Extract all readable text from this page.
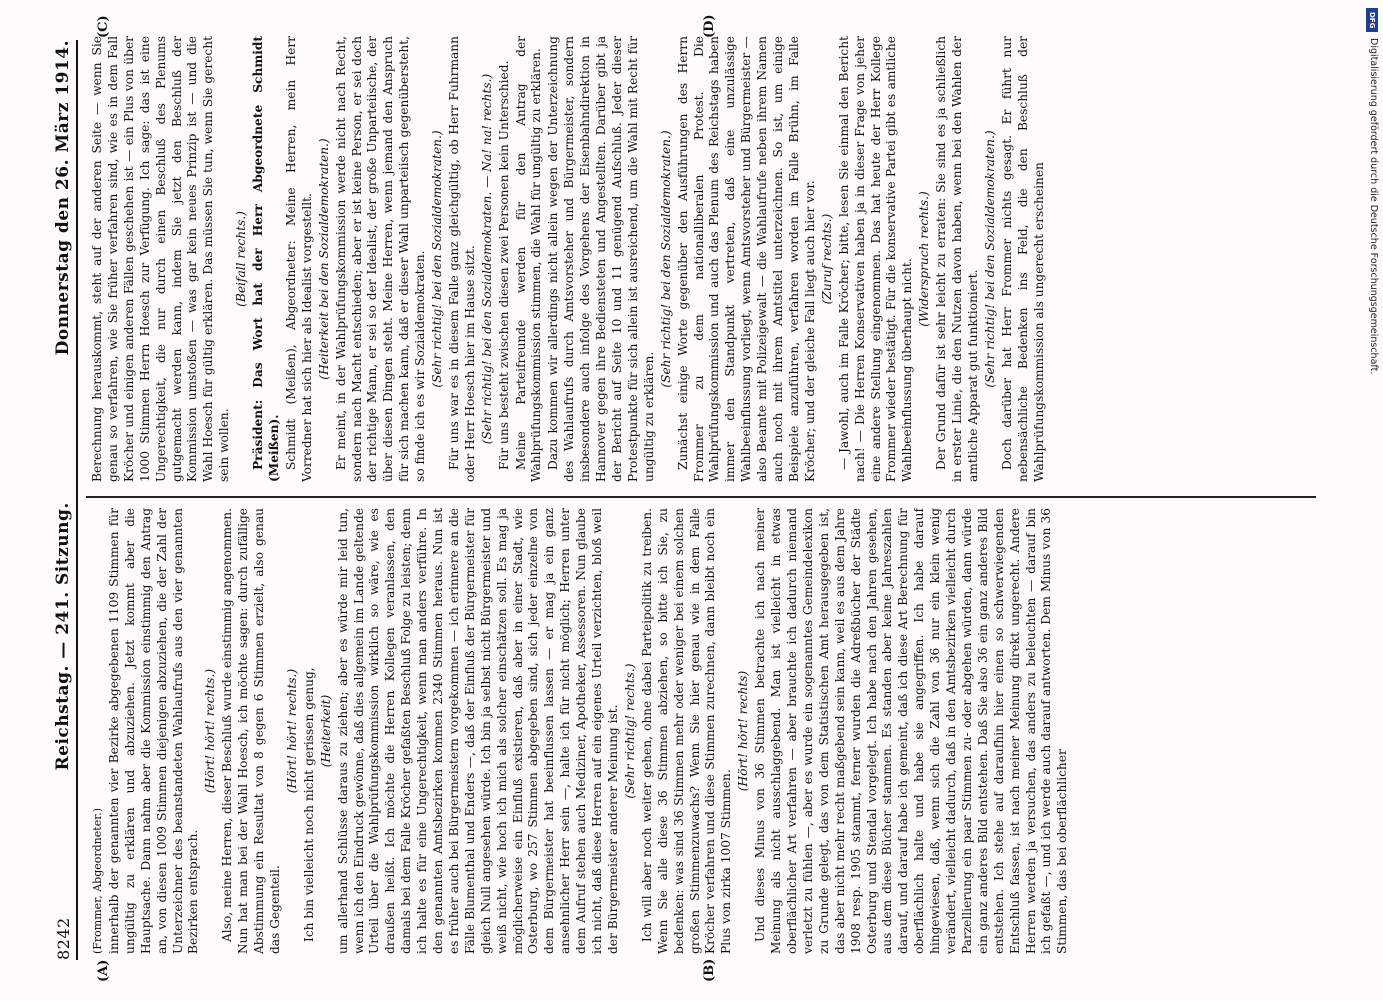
8242
Reichstag. — 241. Sitzung.
Donnerstag den 26. März 1914.
(A)	(B)
(C)	(D)

(Frommer, Abgeordneter.) innerhalb der genannten vier Bezirke abgegebenen 1109 Stimmen für ungültig zu erklären und abzuziehen. Jetzt kommt aber die Hauptsache. Dann nahm aber die Kommission einstimmig den Antrag an, von diesen 1009 Stimmen diejenigen abzuziehen, die der Zahl der Unterzeichner des beanstandeten Wahlaufrufs aus den vier genannten Bezirken entsprach.

(Hört! hört! rechts.) Also, meine Herren, dieser Beschluß wurde einstimmig angenommen. Nun hat man bei der Wahl Hoesch, ich möchte sagen: durch zufällige Abstimmung ein Resultat von 8 gegen 6 Stimmen erzielt, also genau das Gegenteil.

(Hört! hört! rechts.) Ich bin vielleicht noch nicht gerissen genug, (Heiterkeit) um allerhand Schlüsse daraus zu ziehen; aber es würde mir leid tun, wenn ich den Eindruck gewönne, daß dies allgemein im Lande geltende Urteil über die Wahlprüfungskommission wirklich so wäre, wie es draußen heißt. Ich möchte die Herren Kollegen veranlassen, den damals bei dem Falle Kröcher gefaßten Beschluß Folge zu leisten; denn ich halte es für eine Ungerechtigkeit, wenn man anders verführe. In den genannten Amtsbezirken kommen 2340 Stimmen heraus. Nun ist es früher auch bei Bürgermeistern vorgekommen — ich erinnere an die Fälle Blumenthal und Enders —, daß der Einfluß der Bürgermeister für gleich Null angesehen würde. Ich bin ja selbst nicht Bürgermeister und weiß nicht, wie hoch ich mich als solcher einschätzen soll. Es mag ja möglicherweise ein Einfluß existieren, daß aber in einer Stadt, wie Osterburg, wo 257 Stimmen abgegeben sind, sich jeder einzelne von dem Bürgermeister hat beeinflussen lassen — er mag ja ein ganz ansehnlicher Herr sein —, halte ich für nicht möglich; Herren unter dem Aufruf stehen auch Mediziner, Apotheker, Assessoren. Nun glaube ich nicht, daß diese Herren auf ein eigenes Urteil verzichten, bloß weil der Bürgermeister anderer Meinung ist. (Sehr richtig! rechts.) Ich will aber noch weiter gehen, ohne dabei Parteipolitik zu treiben. Wenn Sie alle diese 36 Stimmen abziehen, so bitte ich Sie, zu bedenken: was sind 36 Stimmen mehr oder weniger bei einem solchen großen Stimmenzuwachs? Wenn Sie hier genau wie in dem Falle Kröcher verfahren und diese Stimmen zurechnen, dann bleibt noch ein Plus von zirka 1007 Stimmen.

(Hört! hört! rechts) Und dieses Minus von 36 Stimmen betrachte ich nach meiner Meinung als nicht ausschlaggebend. Man ist vielleicht in etwas oberflächlicher Art verfahren — aber brauchte ich dadurch niemand verletzt zu fühlen —, aber es wurde ein sogenanntes Gemeindelexikon zu Grunde gelegt, das von dem Statistischen Amt herausgegeben ist, das aber nicht mehr recht maßgebend sein kann, weil es aus dem Jahre 1908 resp. 1905 stammt, ferner wurden die Adreßbücher der Städte Osterburg und Stendal vorgelegt. Ich habe nach den Jahren gesehen, aus dem diese Bücher stammen. Es standen aber keine Jahreszahlen darauf, und darauf habe ich gemeint, daß ich diese Art Berechnung für oberflächlich halte und habe sie angegriffen. Ich habe darauf hingewiesen, daß, wenn sich die Zahl von 36 nur ein klein wenig verändert, vielleicht dadurch, daß in den Amtsbezirken vielleicht durch Parzellierung ein paar Stimmen zu- oder abgehen würden, dann würde ein ganz anderes Bild entstehen. Daß Sie also 36 ein ganz anderes Bild entstehen. Ich stehe auf daraufhin hier einen so schwerwiegenden Entschluß fassen, ist nach meiner Meinung direkt ungerecht. Andere Herren werden ja versuchen, das anders zu beleuchten — darauf bin ich gefaßt —, und ich werde auch darauf antworten. Dem Minus von 36 Stimmen, das bei oberflächlicher

Berechnung herauskommt, steht auf der anderen Seite — wenn Sie genau so verfahren, wie Sie früher verfahren sind, wie es in dem Fall Kröcher und einigen anderen Fällen geschehen ist — ein Plus von über 1000 Stimmen Herrn Hoesch zur Verfügung. Ich sage: das ist eine Ungerechtigkeit, die nur durch einen Beschluß des Plenums gutgemacht werden kann, indem Sie jetzt den Beschluß der Kommission umstoßen — was gar kein neues Prinzip ist — und die Wahl Hoesch für gültig erklären. Das müssen Sie tun, wenn Sie gerecht sein wollen.

(Beifall rechts.) Präsident: Das Wort hat der Herr Abgeordnete Schmidt (Meißen). Schmidt (Meißen), Abgeordneter: Meine Herren, mein Herr Vorredner hat sich hier als Idealist vorgestellt. (Heiterkeit bei den Sozialdemokraten.) Er meint, in der Wahlprüfungskommission werde nicht nach Recht, sondern nach Macht entschieden; aber er ist keine Person, er sei doch der richtige Mann, er sei so der Idealist, der große Unparteiische, der über diesen Dingen steht. Meine Herren, wenn jemand den Anspruch für sich machen kann, daß er dieser Wahl unparteiisch gegenübersteht, so finde ich es wir Sozialdemokraten. (Sehr richtig! bei den Sozialdemokraten.) Für uns war es in diesem Falle ganz gleichgültig, ob Herr Fuhrmann oder Herr Hoesch hier im Hause sitzt. (Sehr richtig! bei den Sozialdemokraten. — Na! na! rechts.) Für uns besteht zwischen diesen zwei Personen kein Unterschied. Meine Parteifreunde werden für den Antrag der Wahlprüfungskommission stimmen, die Wahl für ungültig zu erklären. Dazu kommen wir allerdings nicht allein wegen der Unterzeichnung des Wahlaufrufs durch Amtsvorsteher und Bürgermeister, sondern insbesondere auch infolge des Vorgehens der Eisenbahndirektion in Hannover gegen ihre Bediensteten und Angestellten. Darüber gibt ja der Bericht auf Seite 10 und 11 genügend Aufschluß. Jeder dieser Protestpunkte für sich allein ist ausreichend, um die Wahl mit Recht für ungültig zu erklären.

(Sehr richtig! bei den Sozialdemokraten.) Zunächst einige Worte gegenüber den Ausführungen des Herrn Frommer zu dem nationalliberalen Protest. Die Wahlprüfungskommission und auch das Plenum des Reichstags haben immer den Standpunkt vertreten, daß eine unzulässige Wahlbeeinflussung vorliegt, wenn Amtsvorsteher und Bürgermeister — also Beamte mit Polizeigewalt — die Wahlaufrufe neben ihrem Namen auch noch mit ihrem Amtstitel unterzeichnen. So ist, um einige Beispiele anzuführen, verfahren worden im Falle Brühn, im Falle Kröcher; und der gleiche Fall liegt auch hier vor. (Zuruf rechts.) — Jawohl, auch im Falle Kröcher; bitte, lesen Sie einmal den Bericht nach! — Die Herren Konservativen haben ja in dieser Frage von jeher eine andere Stellung eingenommen. Das hat heute der Herr Kollege Frommer wieder bestätigt. Für die konservative Partei gibt es amtliche Wahlbeeinflussung überhaupt nicht. (Widerspruch rechts.) Der Grund dafür ist sehr leicht zu erraten: Sie sind es ja schließlich in erster Linie, die den Nutzen davon haben, wenn bei den Wahlen der amtliche Apparat gut funktioniert. (Sehr richtig! bei den Sozialdemokraten.) Doch darüber hat Herr Frommer nichts gesagt. Er führt nur nebensächliche Bedenken ins Feld, die den Beschluß der Wahlprüfungskommission als ungerecht erscheinen

DFG
Digitalisierung gefördert durch die Deutsche Forschungsgemeinschaft.
